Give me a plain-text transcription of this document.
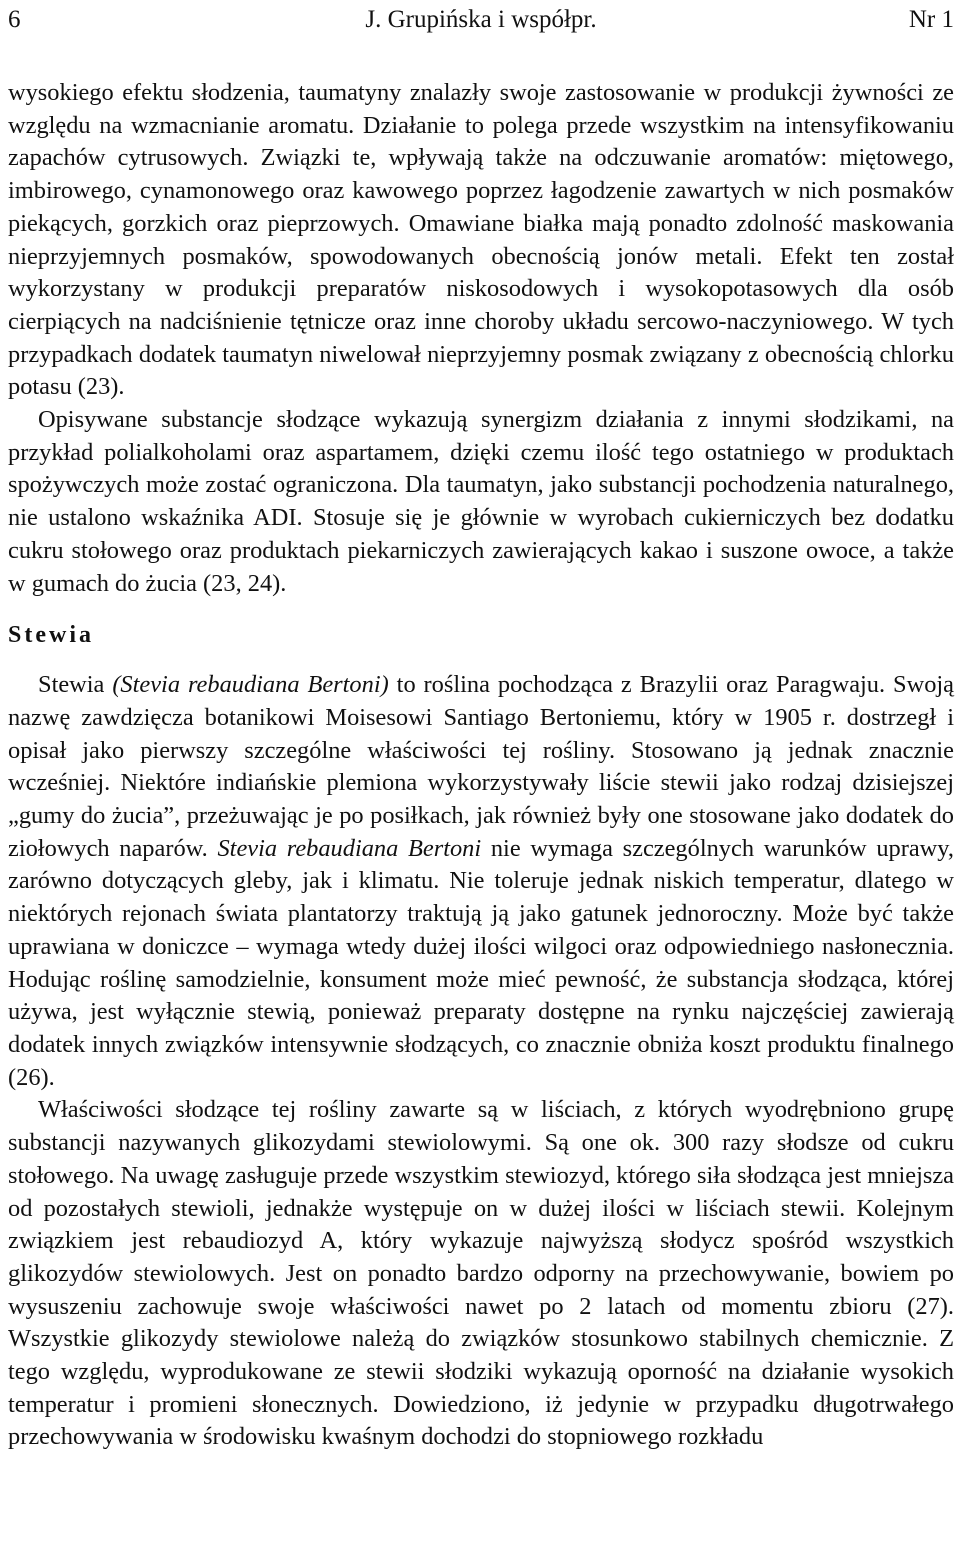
6	J. Grupińska i współpr.	Nr 1

wysokiego efektu słodzenia, taumatyny znalazły swoje zastosowanie w produkcji żywności ze względu na wzmacnianie aromatu. Działanie to polega przede wszystkim na intensyfikowaniu zapachów cytrusowych. Związki te, wpływają także na odczuwanie aromatów: miętowego, imbirowego, cynamonowego oraz kawowego poprzez łagodzenie zawartych w nich posmaków piekących, gorzkich oraz pieprzowych. Omawiane białka mają ponadto zdolność maskowania nieprzyjemnych posmaków, spowodowanych obecnością jonów metali. Efekt ten został wykorzystany w produkcji preparatów niskosodowych i wysokopotasowych dla osób cierpiących na nadciśnienie tętnicze oraz inne choroby układu sercowo-naczyniowego. W tych przypadkach dodatek taumatyn niwelował nieprzyjemny posmak związany z obecnością chlorku potasu (23).

Opisywane substancje słodzące wykazują synergizm działania z innymi słodzikami, na przykład polialkoholami oraz aspartamem, dzięki czemu ilość tego ostatniego w produktach spożywczych może zostać ograniczona. Dla taumatyn, jako substancji pochodzenia naturalnego, nie ustalono wskaźnika ADI. Stosuje się je głównie w wyrobach cukierniczych bez dodatku cukru stołowego oraz produktach piekarniczych zawierających kakao i suszone owoce, a także w gumach do żucia (23, 24).

Stewia

Stewia (Stevia rebaudiana Bertoni) to roślina pochodząca z Brazylii oraz Paragwaju. Swoją nazwę zawdzięcza botanikowi Moisesowi Santiago Bertoniemu, który w 1905 r. dostrzegł i opisał jako pierwszy szczególne właściwości tej rośliny. Stosowano ją jednak znacznie wcześniej. Niektóre indiańskie plemiona wykorzystywały liście stewii jako rodzaj dzisiejszej „gumy do żucia”, przeżuwając je po posiłkach, jak również były one stosowane jako dodatek do ziołowych naparów. Stevia rebaudiana Bertoni nie wymaga szczególnych warunków uprawy, zarówno dotyczących gleby, jak i klimatu. Nie toleruje jednak niskich temperatur, dlatego w niektórych rejonach świata plantatorzy traktują ją jako gatunek jednoroczny. Może być także uprawiana w doniczce – wymaga wtedy dużej ilości wilgoci oraz odpowiedniego nasłonecznia. Hodując roślinę samodzielnie, konsument może mieć pewność, że substancja słodząca, której używa, jest wyłącznie stewią, ponieważ preparaty dostępne na rynku najczęściej zawierają dodatek innych związków intensywnie słodzących, co znacznie obniża koszt produktu finalnego (26).

Właściwości słodzące tej rośliny zawarte są w liściach, z których wyodrębniono grupę substancji nazywanych glikozydami stewiolowymi. Są one ok. 300 razy słodsze od cukru stołowego. Na uwagę zasługuje przede wszystkim stewiozyd, którego siła słodząca jest mniejsza od pozostałych stewioli, jednakże występuje on w dużej ilości w liściach stewii. Kolejnym związkiem jest rebaudiozyd A, który wykazuje najwyższą słodycz spośród wszystkich glikozydów stewiolowych. Jest on ponadto bardzo odporny na przechowywanie, bowiem po wysuszeniu zachowuje swoje właściwości nawet po 2 latach od momentu zbioru (27). Wszystkie glikozydy stewiolowe należą do związków stosunkowo stabilnych chemicznie. Z tego względu, wyprodukowane ze stewii słodziki wykazują oporność na działanie wysokich temperatur i promieni słonecznych. Dowiedziono, iż jedynie w przypadku długotrwałego przechowywania w środowisku kwaśnym dochodzi do stopniowego rozkładu
